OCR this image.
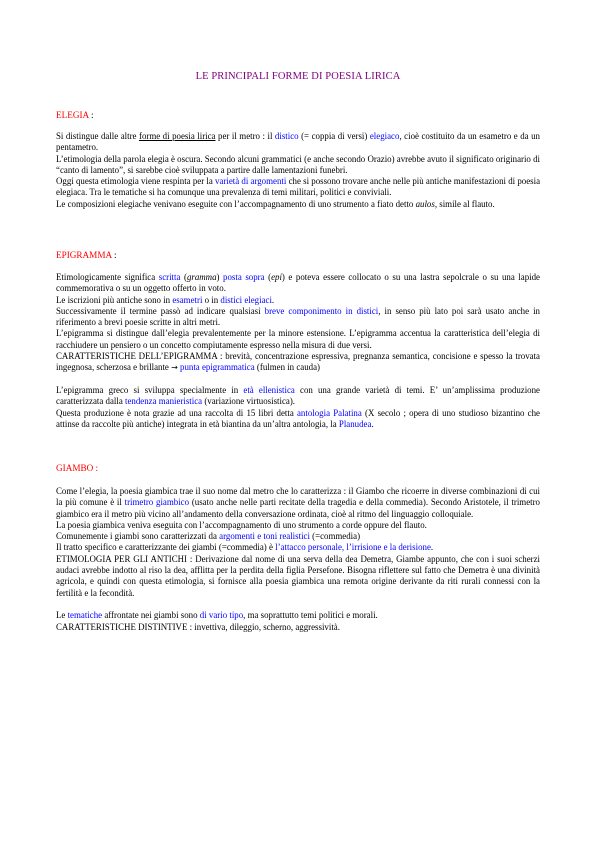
LE PRINCIPALI FORME DI POESIA LIRICA
ELEGIA :

Si distingue dalle altre forme di poesia lirica per il metro : il distico (= coppia di versi) elegiaco, cioè costituito da un esametro e da un pentametro.

L’etimologia della parola elegia è oscura. Secondo alcuni grammatici (e anche secondo Orazio) avrebbe avuto il significato originario di “canto di lamento”, si sarebbe cioè sviluppata a partire dalle lamentazioni funebri.

Oggi questa etimologia viene respinta per la varietà di argomenti che si possono trovare anche nelle più antiche manifestazioni di poesia elegiaca. Tra le tematiche si ha comunque una prevalenza di temi militari, politici e conviviali.

Le composizioni elegiache venivano eseguite con l’accompagnamento di uno strumento a fiato detto aulos, simile al flauto.

EPIGRAMMA :

Etimologicamente significa scritta (gramma) posta sopra (epi) e poteva essere collocato o su una lastra sepolcrale o su una lapide commemorativa o su un oggetto offerto in voto.

Le iscrizioni più antiche sono in esametri o in distici elegiaci.

Successivamente il termine passò ad indicare qualsiasi breve componimento in distici, in senso più lato poi sarà usato anche in riferimento a brevi poesie scritte in altri metri.

L’epigramma si distingue dall’elegia prevalentemente per la minore estensione. L’epigramma accentua la caratteristica dell’elegia di racchiudere un pensiero o un concetto compiutamente espresso nella misura di due versi.

CARATTERISTICHE DELL’EPIGRAMMA : brevità, concentrazione espressiva, pregnanza semantica, concisione e spesso la trovata ingegnosa, scherzosa e brillante → punta epigrammatica (fulmen in cauda)

L’epigramma greco si sviluppa specialmente in età ellenistica con una grande varietà di temi. E’ un’amplissima produzione caratterizzata dalla tendenza manieristica (variazione virtuosistica).

Questa produzione è nota grazie ad una raccolta di 15 libri detta antologia Palatina (X secolo ; opera di uno studioso bizantino che attinse da raccolte più antiche) integrata in età biantina da un’altra antologia, la Planudea.

GIAMBO :

Come l’elegia, la poesia giambica trae il suo nome dal metro che lo caratterizza : il Giambo che ricoerre in diverse combinazioni di cui la più comune è il trimetro giambico (usato anche nelle parti recitate della tragedia e della commedia). Secondo Aristotele, il trimetro giambico era il metro più vicino all’andamento della conversazione ordinata, cioè al ritmo del linguaggio colloquiale.

La poesia giambica veniva eseguita con l’accompagnamento di uno strumento a corde oppure del flauto.

Comunemente i giambi sono caratterizzati da argomenti e toni realistici (=commedia)

Il tratto specifico e caratterizzante dei giambi (=commedia) è l’attacco personale, l’irrisione e la derisione.

ETIMOLOGIA PER GLI ANTICHI : Derivazione dal nome di una serva della dea Demetra, Giambe appunto, che con i suoi scherzi audaci avrebbe indotto al riso la dea, afflitta per la perdita della figlia Persefone. Bisogna riflettere sul fatto che Demetra è una divinità agricola, e quindi con questa etimologia, si fornisce alla poesia giambica una remota origine derivante da riti rurali connessi con la fertilità e la fecondità.

Le tematiche affrontate nei giambi sono di vario tipo, ma soprattutto temi politici e morali.

CARATTERISTICHE DISTINTIVE : invettiva, dileggio, scherno, aggressività.
